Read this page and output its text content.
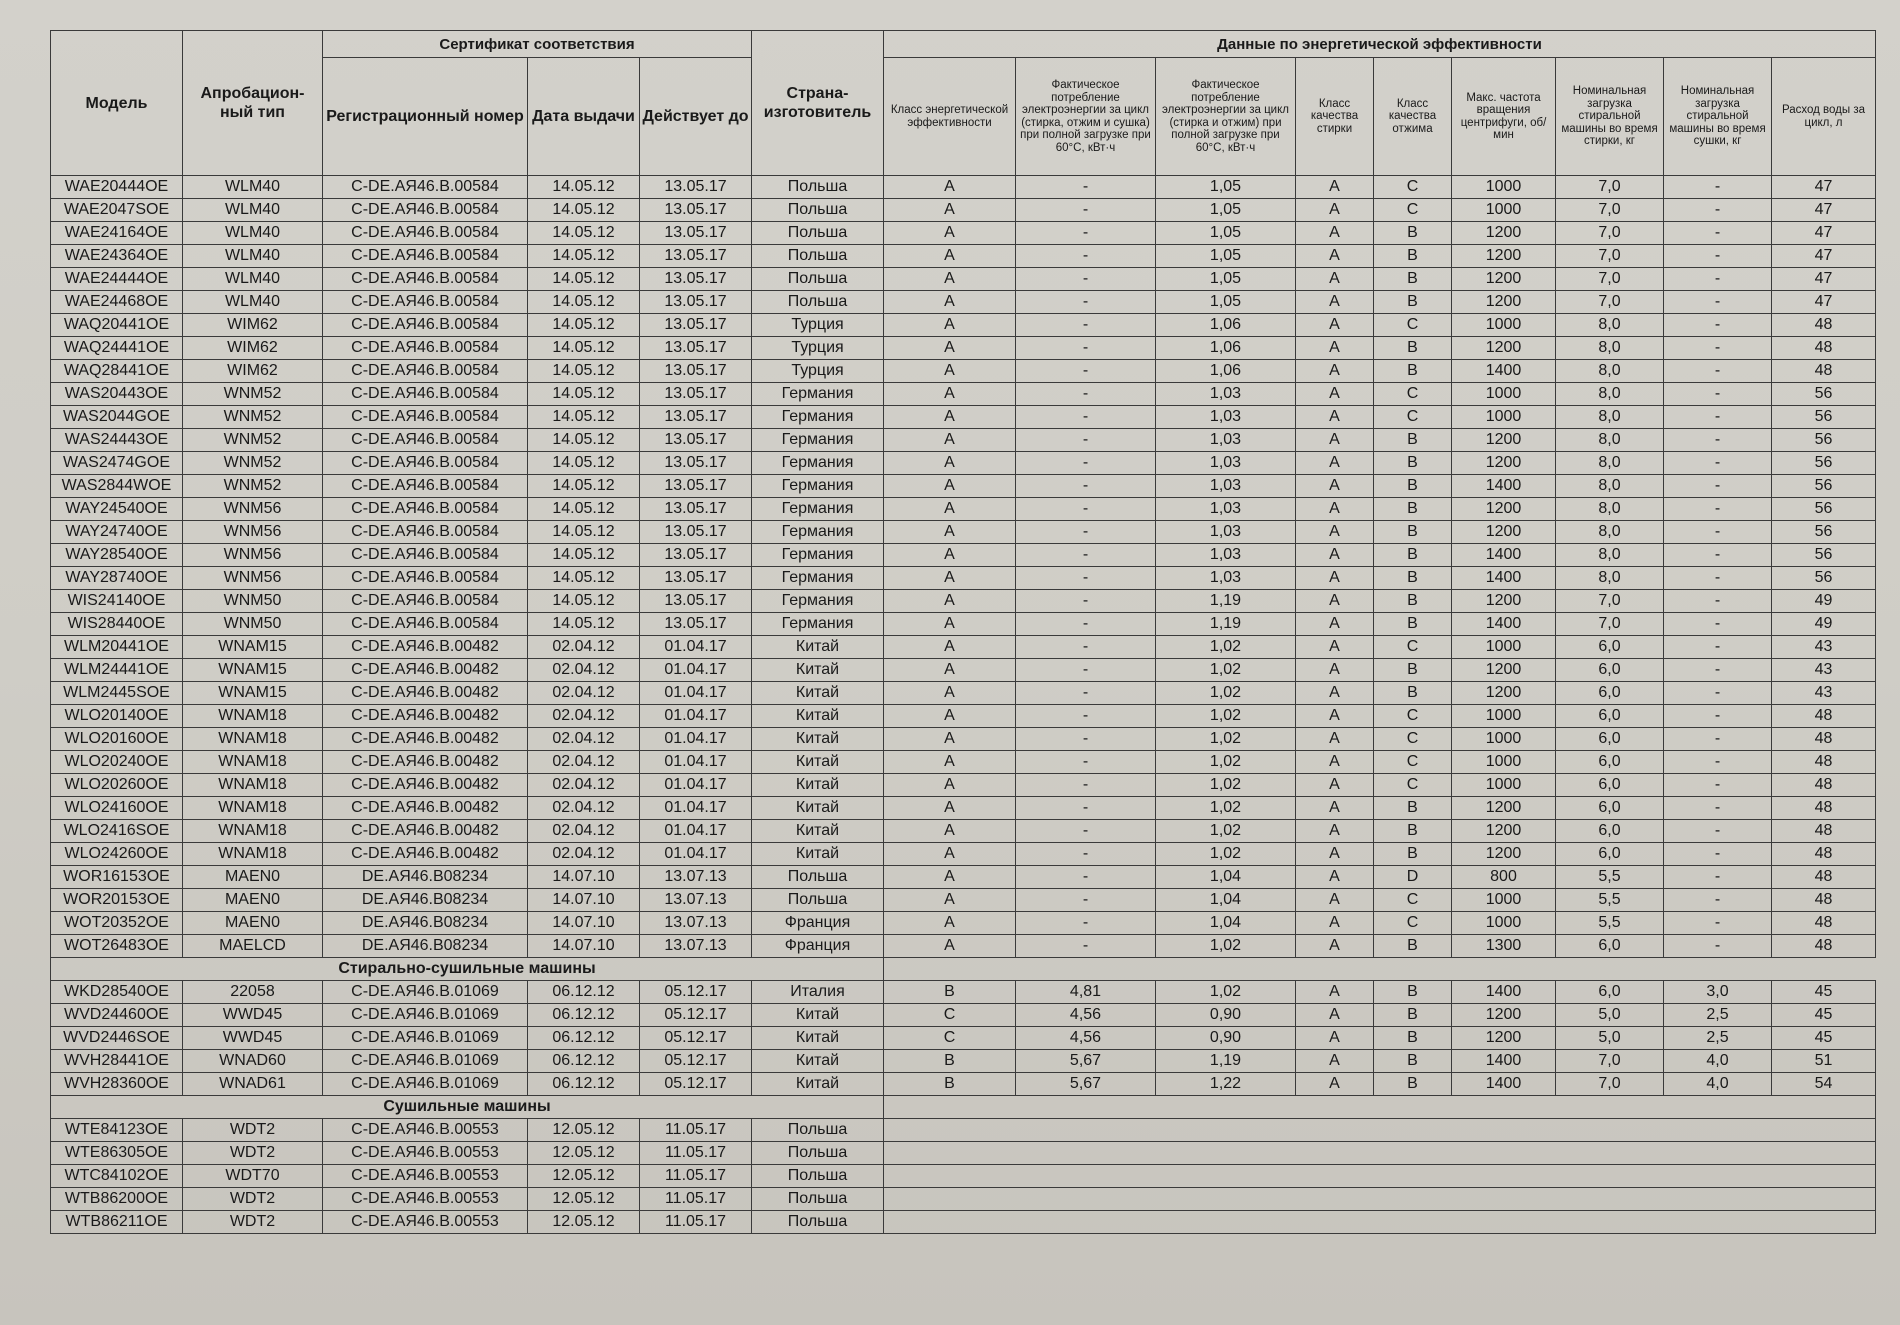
Модель	Апробацион-ный тип	Сертификат соответствия			Страна-изготовитель	Данные по энергетической эффективности								
		Регистрационный номер	Дата выдачи	Действует до		Класс энергетической эффективности	Фактическое потребление электроэнергии за цикл (стирка, отжим и сушка) при полной загрузке при 60°С, кВт·ч	Фактическое потребление электроэнергии за цикл (стирка и отжим) при полной загрузке при 60°С, кВт·ч	Класс качества стирки	Класс качества отжима	Макс. частота вращения центрифуги, об/мин	Номинальная загрузка стиральной машины во время стирки, кг	Номинальная загрузка стиральной машины во время сушки, кг	Расход воды за цикл, л
WAE20444OE	WLM40	C-DE.АЯ46.В.00584	14.05.12	13.05.17	Польша	A	-	1,05	A	C	1000	7,0	-	47
WAE2047SOE	WLM40	C-DE.АЯ46.В.00584	14.05.12	13.05.17	Польша	A	-	1,05	A	C	1000	7,0	-	47
WAE24164OE	WLM40	C-DE.АЯ46.В.00584	14.05.12	13.05.17	Польша	A	-	1,05	A	B	1200	7,0	-	47
WAE24364OE	WLM40	C-DE.АЯ46.В.00584	14.05.12	13.05.17	Польша	A	-	1,05	A	B	1200	7,0	-	47
WAE24444OE	WLM40	C-DE.АЯ46.В.00584	14.05.12	13.05.17	Польша	A	-	1,05	A	B	1200	7,0	-	47
WAE24468OE	WLM40	C-DE.АЯ46.В.00584	14.05.12	13.05.17	Польша	A	-	1,05	A	B	1200	7,0	-	47
WAQ20441OE	WIM62	C-DE.АЯ46.В.00584	14.05.12	13.05.17	Турция	A	-	1,06	A	C	1000	8,0	-	48
WAQ24441OE	WIM62	C-DE.АЯ46.В.00584	14.05.12	13.05.17	Турция	A	-	1,06	A	B	1200	8,0	-	48
WAQ28441OE	WIM62	C-DE.АЯ46.В.00584	14.05.12	13.05.17	Турция	A	-	1,06	A	B	1400	8,0	-	48
WAS20443OE	WNM52	C-DE.АЯ46.В.00584	14.05.12	13.05.17	Германия	A	-	1,03	A	C	1000	8,0	-	56
WAS2044GOE	WNM52	C-DE.АЯ46.В.00584	14.05.12	13.05.17	Германия	A	-	1,03	A	C	1000	8,0	-	56
WAS24443OE	WNM52	C-DE.АЯ46.В.00584	14.05.12	13.05.17	Германия	A	-	1,03	A	B	1200	8,0	-	56
WAS2474GOE	WNM52	C-DE.АЯ46.В.00584	14.05.12	13.05.17	Германия	A	-	1,03	A	B	1200	8,0	-	56
WAS2844WOE	WNM52	C-DE.АЯ46.В.00584	14.05.12	13.05.17	Германия	A	-	1,03	A	B	1400	8,0	-	56
WAY24540OE	WNM56	C-DE.АЯ46.В.00584	14.05.12	13.05.17	Германия	A	-	1,03	A	B	1200	8,0	-	56
WAY24740OE	WNM56	C-DE.АЯ46.В.00584	14.05.12	13.05.17	Германия	A	-	1,03	A	B	1200	8,0	-	56
WAY28540OE	WNM56	C-DE.АЯ46.В.00584	14.05.12	13.05.17	Германия	A	-	1,03	A	B	1400	8,0	-	56
WAY28740OE	WNM56	C-DE.АЯ46.В.00584	14.05.12	13.05.17	Германия	A	-	1,03	A	B	1400	8,0	-	56
WIS24140OE	WNM50	C-DE.АЯ46.В.00584	14.05.12	13.05.17	Германия	A	-	1,19	A	B	1200	7,0	-	49
WIS28440OE	WNM50	C-DE.АЯ46.В.00584	14.05.12	13.05.17	Германия	A	-	1,19	A	B	1400	7,0	-	49
WLM20441OE	WNAM15	C-DE.АЯ46.В.00482	02.04.12	01.04.17	Китай	A	-	1,02	A	C	1000	6,0	-	43
WLM24441OE	WNAM15	C-DE.АЯ46.В.00482	02.04.12	01.04.17	Китай	A	-	1,02	A	B	1200	6,0	-	43
WLM2445SOE	WNAM15	C-DE.АЯ46.В.00482	02.04.12	01.04.17	Китай	A	-	1,02	A	B	1200	6,0	-	43
WLO20140OE	WNAM18	C-DE.АЯ46.В.00482	02.04.12	01.04.17	Китай	A	-	1,02	A	C	1000	6,0	-	48
WLO20160OE	WNAM18	C-DE.АЯ46.В.00482	02.04.12	01.04.17	Китай	A	-	1,02	A	C	1000	6,0	-	48
WLO20240OE	WNAM18	C-DE.АЯ46.В.00482	02.04.12	01.04.17	Китай	A	-	1,02	A	C	1000	6,0	-	48
WLO20260OE	WNAM18	C-DE.АЯ46.В.00482	02.04.12	01.04.17	Китай	A	-	1,02	A	C	1000	6,0	-	48
WLO24160OE	WNAM18	C-DE.АЯ46.В.00482	02.04.12	01.04.17	Китай	A	-	1,02	A	B	1200	6,0	-	48
WLO2416SOE	WNAM18	C-DE.АЯ46.В.00482	02.04.12	01.04.17	Китай	A	-	1,02	A	B	1200	6,0	-	48
WLO24260OE	WNAM18	C-DE.АЯ46.В.00482	02.04.12	01.04.17	Китай	A	-	1,02	A	B	1200	6,0	-	48
WOR16153OE	MAEN0	DE.АЯ46.В08234	14.07.10	13.07.13	Польша	A	-	1,04	A	D	800	5,5	-	48
WOR20153OE	MAEN0	DE.АЯ46.В08234	14.07.10	13.07.13	Польша	A	-	1,04	A	C	1000	5,5	-	48
WOT20352OE	MAEN0	DE.АЯ46.В08234	14.07.10	13.07.13	Франция	A	-	1,04	A	C	1000	5,5	-	48
WOT26483OE	MAELCD	DE.АЯ46.В08234	14.07.10	13.07.13	Франция	A	-	1,02	A	B	1300	6,0	-	48
Стирально-сушильные машины														
WKD28540OE	22058	C-DE.АЯ46.В.01069	06.12.12	05.12.17	Италия	B	4,81	1,02	A	B	1400	6,0	3,0	45
WVD24460OE	WWD45	C-DE.АЯ46.В.01069	06.12.12	05.12.17	Китай	C	4,56	0,90	A	B	1200	5,0	2,5	45
WVD2446SOE	WWD45	C-DE.АЯ46.В.01069	06.12.12	05.12.17	Китай	C	4,56	0,90	A	B	1200	5,0	2,5	45
WVH28441OE	WNAD60	C-DE.АЯ46.В.01069	06.12.12	05.12.17	Китай	B	5,67	1,19	A	B	1400	7,0	4,0	51
WVH28360OE	WNAD61	C-DE.АЯ46.В.01069	06.12.12	05.12.17	Китай	B	5,67	1,22	A	B	1400	7,0	4,0	54
Сушильные машины														
WTE84123OE	WDT2	C-DE.АЯ46.В.00553	12.05.12	11.05.17	Польша									
WTE86305OE	WDT2	C-DE.АЯ46.В.00553	12.05.12	11.05.17	Польша									
WTC84102OE	WDT70	C-DE.АЯ46.В.00553	12.05.12	11.05.17	Польша									
WTB86200OE	WDT2	C-DE.АЯ46.В.00553	12.05.12	11.05.17	Польша									
WTB86211OE	WDT2	C-DE.АЯ46.В.00553	12.05.12	11.05.17	Польша									
